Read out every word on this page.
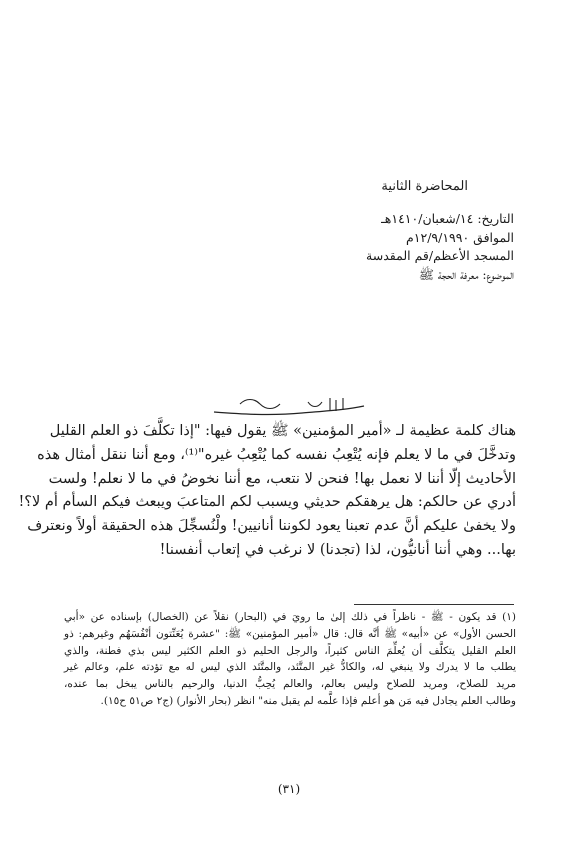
المحاضرة الثانية
التاريخ: ١٤/شعبان/١٤١٠هـ
الموافق ١٢/٩/١٩٩٠م
المسجد الأعظم/قم المقدسة
الموضوع: معرفة الحجة ﷺ
هناك كلمة عظيمة لـ «أمير المؤمنين» ﷺ يقول فيها: "إذا تكلَّفَ ذو العلم القليل
وتدخَّلَ في ما لا يعلم فإنه يُتْعِبُ نفسه كما يُتْعِبُ غيره"⁽¹⁾، ومع أننا ننقل أمثال هذه
الأحاديث إلّا أننا لا نعمل بها! فنحن لا نتعب، مع أننا نخوضُ في ما لا نعلم! ولست
أدري عن حالكم: هل يرهقكم حديثي ويسبب لكم المتاعبَ ويبعث فيكم السأم أم لا؟!
ولا يخفىٰ عليكم أنَّ عدم تعبنا يعود لكوننا أنانيين! ولْنُسجِّلَ هذه الحقيقة أولاً ونعترف
بها... وهي أننا أنانيُّون، لذا (تجدنا) لا نرغب في إتعاب أنفسنا!
(١) قد يكون - ﷺ - ناظراً في ذلك إلىٰ ما رويَ في (البحار) نقلاً عن (الخصال) بإسناده عن «أبي
الحسن الأول» عن «أبيه» ﷺ أنَّه قال: قال «أمير المؤمنين» ﷺ: "عشرة يُعَنِّتون أنْفُسَهُم وغيرهم: ذو
العلم القليل يتكلَّف أن يُعلِّمَ الناس كثيراً، والرجل الحليم ذو العلم الكثير ليس بذي فطنة، والذي
يطلب ما لا يدرك ولا ينبغي له، والكادُّ غير المتَّئد، والمتَّئد الذي ليس له مع تؤدته علم، وعالم غير
مريد للصلاح، ومريد للصلاح وليس بعالم، والعالم يُحِبُّ الدنيا، والرحيم بالناس يبخل بما عنده،
وطالب العلم يجادل فيه مَن هو أعلم فإذا علَّمه لم يقبل منه" انظر (بحار الأنوار) (ج٢ ص٥١ ح١٥).
(٣١)
